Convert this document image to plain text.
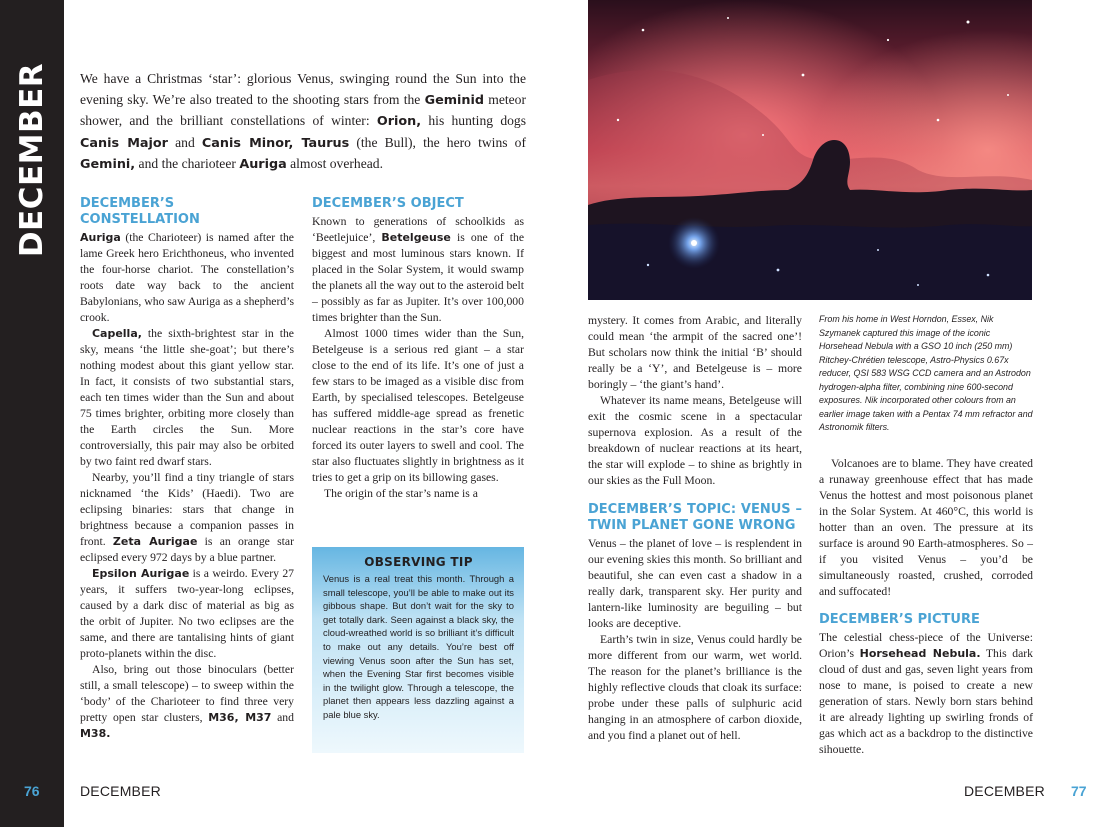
DECEMBER
76
We have a Christmas ‘star’: glorious Venus, swinging round the Sun into the evening sky. We’re also treated to the shooting stars from the Geminid meteor shower, and the brilliant constellations of winter: Orion, his hunting dogs Canis Major and Canis Minor, Taurus (the Bull), the hero twins of Gemini, and the charioteer Auriga almost overhead.
DECEMBER’S CONSTELLATION

Auriga (the Charioteer) is named after the lame Greek hero Erichthoneus, who invented the four-horse chariot. The constellation’s roots date way back to the ancient Babylonians, who saw Auriga as a shepherd’s crook.

Capella, the sixth-brightest star in the sky, means ‘the little she-goat’; but there’s nothing modest about this giant yellow star. In fact, it consists of two substantial stars, each ten times wider than the Sun and about 75 times brighter, orbiting more closely than the Earth circles the Sun. More controversially, this pair may also be orbited by two faint red dwarf stars.

Nearby, you’ll find a tiny triangle of stars nicknamed ‘the Kids’ (Haedi). Two are eclipsing binaries: stars that change in brightness because a companion passes in front. Zeta Aurigae is an orange star eclipsed every 972 days by a blue partner.

Epsilon Aurigae is a weirdo. Every 27 years, it suffers two-year-long eclipses, caused by a dark disc of material as big as the orbit of Jupiter. No two eclipses are the same, and there are tantalising hints of giant proto-planets within the disc.

Also, bring out those binoculars (better still, a small telescope) – to sweep within the ‘body’ of the Charioteer to find three very pretty open star clusters, M36, M37 and M38.

DECEMBER’S OBJECT

Known to generations of schoolkids as ‘Beetlejuice’, Betelgeuse is one of the biggest and most luminous stars known. If placed in the Solar System, it would swamp the planets all the way out to the asteroid belt – possibly as far as Jupiter. It’s over 100,000 times brighter than the Sun.

Almost 1000 times wider than the Sun, Betelgeuse is a serious red giant – a star close to the end of its life. It’s one of just a few stars to be imaged as a visible disc from Earth, by specialised telescopes. Betelgeuse has suffered middle-age spread as frenetic nuclear reactions in the star’s core have forced its outer layers to swell and cool. The star also fluctuates slightly in brightness as it tries to get a grip on its billowing gases.

The origin of the star’s name is a

OBSERVING TIP
Venus is a real treat this month. Through a small telescope, you’ll be able to make out its gibbous shape. But don’t wait for the sky to get totally dark. Seen against a black sky, the cloud-wreathed world is so brilliant it’s difficult to make out any details. You’re best off viewing Venus soon after the Sun has set, when the Evening Star first becomes visible in the twilight glow. Through a telescope, the planet then appears less dazzling against a pale blue sky.

mystery. It comes from Arabic, and literally could mean ‘the armpit of the sacred one’! But scholars now think the initial ‘B’ should really be a ‘Y’, and Betelgeuse is – more boringly – ‘the giant’s hand’.

Whatever its name means, Betelgeuse will exit the cosmic scene in a spectacular supernova explosion. As a result of the breakdown of nuclear reactions at its heart, the star will explode – to shine as brightly in our skies as the Full Moon.

DECEMBER’S TOPIC: VENUS – TWIN PLANET GONE WRONG

Venus – the planet of love – is resplendent in our evening skies this month. So brilliant and beautiful, she can even cast a shadow in a really dark, transparent sky. Her purity and lantern-like luminosity are beguiling – but looks are deceptive.

Earth’s twin in size, Venus could hardly be more different from our warm, wet world. The reason for the planet’s brilliance is the highly reflective clouds that cloak its surface: probe under these palls of sulphuric acid hanging in an atmosphere of carbon dioxide, and you find a planet out of hell.

From his home in West Horndon, Essex, Nik Szymanek captured this image of the iconic Horsehead Nebula with a GSO 10 inch (250 mm) Ritchey-Chrétien telescope, Astro-Physics 0.67x reducer, QSI 583 WSG CCD camera and an Astrodon hydrogen-alpha filter, combining nine 600-second exposures. Nik incorporated other colours from an earlier image taken with a Pentax 74 mm refractor and Astronomik filters.

Volcanoes are to blame. They have created a runaway greenhouse effect that has made Venus the hottest and most poisonous planet in the Solar System. At 460°C, this world is hotter than an oven. The pressure at its surface is around 90 Earth-atmospheres. So – if you visited Venus – you’d be simultaneously roasted, crushed, corroded and suffocated!

DECEMBER’S PICTURE

The celestial chess-piece of the Universe: Orion’s Horsehead Nebula. This dark cloud of dust and gas, seven light years from nose to mane, is poised to create a new generation of stars. Newly born stars behind it are already lighting up swirling fronds of gas which act as a backdrop to the distinctive sihouette.

DECEMBER	DECEMBER 77
